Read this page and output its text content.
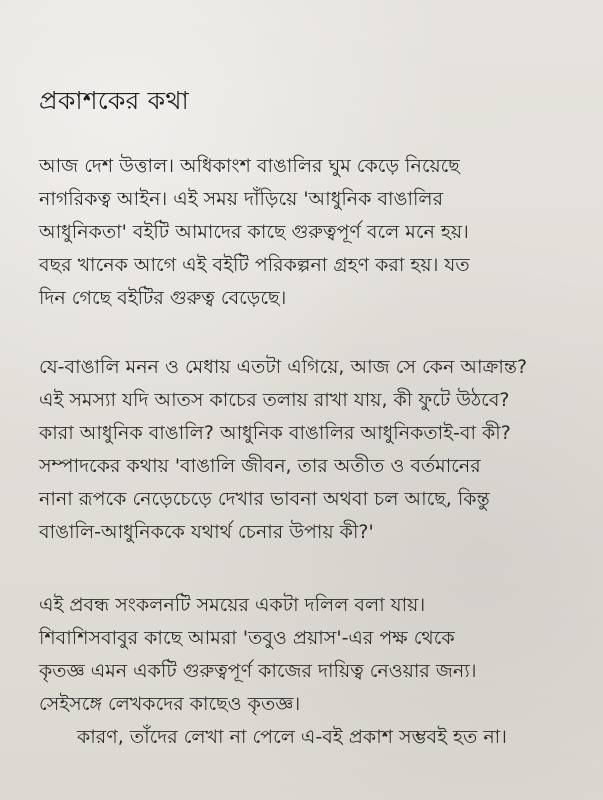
প্রকাশকের কথা
আজ দেশ উত্তাল। অধিকাংশ বাঙালির ঘুম কেড়ে নিয়েছে
নাগরিকত্ব আইন। এই সময় দাঁড়িয়ে 'আধুনিক বাঙালির
আধুনিকতা' বইটি আমাদের কাছে গুরুত্বপূর্ণ বলে মনে হয়।
বছর খানেক আগে এই বইটি পরিকল্পনা গ্রহণ করা হয়। যত
দিন গেছে বইটির গুরুত্ব বেড়েছে।
যে-বাঙালি মনন ও মেধায় এতটা এগিয়ে, আজ সে কেন আক্রান্ত?
এই সমস্যা যদি আতস কাচের তলায় রাখা যায়, কী ফুটে উঠবে?
কারা আধুনিক বাঙালি? আধুনিক বাঙালির আধুনিকতাই-বা কী?
সম্পাদকের কথায় 'বাঙালি জীবন, তার অতীত ও বর্তমানের
নানা রূপকে নেড়েচেড়ে দেখার ভাবনা অথবা চল আছে, কিন্তু
বাঙালি-আধুনিককে যথার্থ চেনার উপায় কী?'
এই প্রবন্ধ সংকলনটি সময়ের একটা দলিল বলা যায়।
শিবাশিসবাবুর কাছে আমরা 'তবুও প্রয়াস'-এর পক্ষ থেকে
কৃতজ্ঞ এমন একটি গুরুত্বপূর্ণ কাজের দায়িত্ব নেওয়ার জন্য।
সেইসঙ্গে লেখকদের কাছেও কৃতজ্ঞ।
কারণ, তাঁদের লেখা না পেলে এ-বই প্রকাশ সম্ভবই হত না।
